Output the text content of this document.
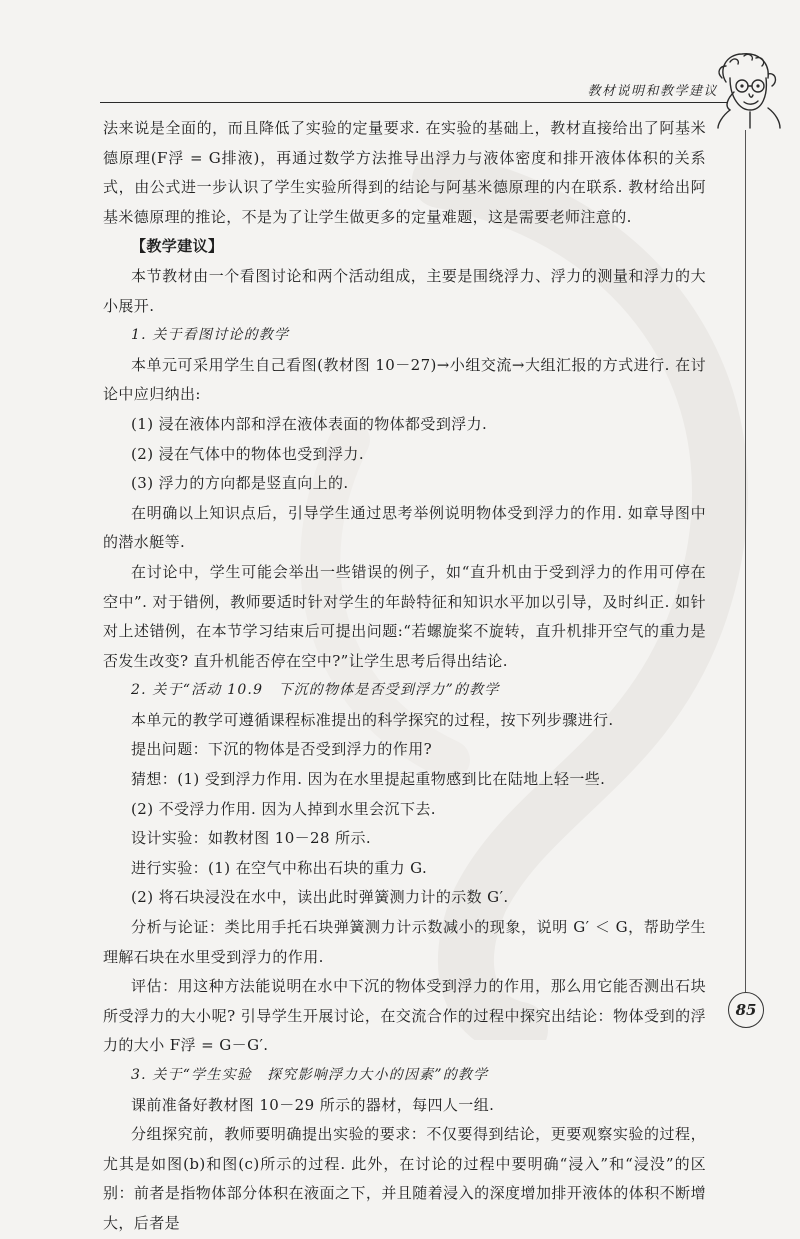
教材说明和教学建议

法来说是全面的，而且降低了实验的定量要求. 在实验的基础上，教材直接给出了阿基米德原理(F浮 = G排液)，再通过数学方法推导出浮力与液体密度和排开液体体积的关系式，由公式进一步认识了学生实验所得到的结论与阿基米德原理的内在联系. 教材给出阿基米德原理的推论，不是为了让学生做更多的定量难题，这是需要老师注意的.

【教学建议】

本节教材由一个看图讨论和两个活动组成，主要是围绕浮力、浮力的测量和浮力的大小展开.

1. 关于看图讨论的教学

本单元可采用学生自己看图(教材图 10－27)→小组交流→大组汇报的方式进行. 在讨论中应归纳出:

(1) 浸在液体内部和浮在液体表面的物体都受到浮力.

(2) 浸在气体中的物体也受到浮力.

(3) 浮力的方向都是竖直向上的.

在明确以上知识点后，引导学生通过思考举例说明物体受到浮力的作用. 如章导图中的潜水艇等.

在讨论中，学生可能会举出一些错误的例子，如“直升机由于受到浮力的作用可停在空中”. 对于错例，教师要适时针对学生的年龄特征和知识水平加以引导，及时纠正. 如针对上述错例，在本节学习结束后可提出问题:“若螺旋桨不旋转，直升机排开空气的重力是否发生改变? 直升机能否停在空中?”让学生思考后得出结论.

2. 关于“活动 10.9　下沉的物体是否受到浮力”的教学

本单元的教学可遵循课程标准提出的科学探究的过程，按下列步骤进行.

提出问题：下沉的物体是否受到浮力的作用?

猜想：(1) 受到浮力作用. 因为在水里提起重物感到比在陆地上轻一些.

(2) 不受浮力作用. 因为人掉到水里会沉下去.

设计实验：如教材图 10－28 所示.

进行实验：(1) 在空气中称出石块的重力 G.

(2) 将石块浸没在水中，读出此时弹簧测力计的示数 G′.

分析与论证：类比用手托石块弹簧测力计示数减小的现象，说明 G′ ＜ G，帮助学生理解石块在水里受到浮力的作用.

评估：用这种方法能说明在水中下沉的物体受到浮力的作用，那么用它能否测出石块所受浮力的大小呢? 引导学生开展讨论，在交流合作的过程中探究出结论：物体受到的浮力的大小 F浮 = G－G′.

3. 关于“学生实验　探究影响浮力大小的因素”的教学

课前准备好教材图 10－29 所示的器材，每四人一组.

分组探究前，教师要明确提出实验的要求：不仅要得到结论，更要观察实验的过程，尤其是如图(b)和图(c)所示的过程. 此外，在讨论的过程中要明确“浸入”和“浸没”的区别：前者是指物体部分体积在液面之下，并且随着浸入的深度增加排开液体的体积不断增大，后者是

85
